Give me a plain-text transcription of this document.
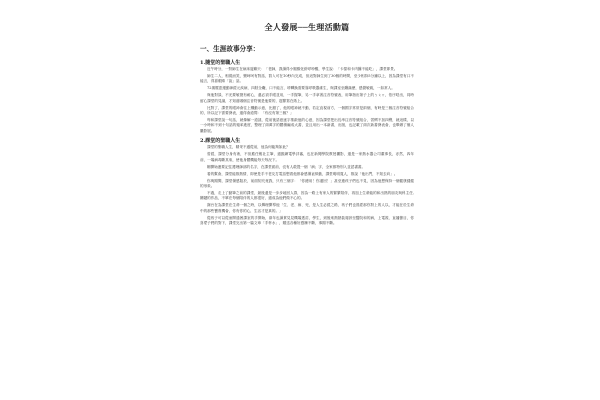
全人發展──生理活動篇
一、生涯故事分享：
1.隨堂的聖職人生
近午時分，一對師生在病床邊聊天：「老師，我讀得小腿酸化紛呼吵醒，學生說：「卡搽和卡肉腫不能吃」，課堂即景。
師生二人，相視而笑，樂呵呵有對話，寫入可在10秒內完成，但這對師生到了30個的時間，至少相持5分鐘以上，因為課堂有口不能言，得靠眼睛「說」話。
72歲罹患運動神經元疾病，四肢全癱，口不能言，呼轉換需要靠呼吸器維生，與課室至纏滿歷，感覺敏銳，一如常人。
與他對談，不光要敏捷有耐心，還必須手眼並用，一手握筆，另一手拿著注音符號表，用筆指出第子上的ㄅㄆㄇ，依序唸出，同時留心課堂的見識，才知道哪個注音符號是他要的，趕緊寫在紙上。
比對了，課堂的眼神會往上飄動示意，比錯了，他的眼神就不動，若定直視前方，一個國字常常是兩個，有時是三個注音符號組合的，所以記下需要發表，還得會道問：「有沒有第三個？」
每和課堂說一句話，就像解一道謎，從前後語意逐字推敲他的心意，因為課堂把出長串注音符號組合，習慣不加四聲，就這樣，以一小時和不到十句話的頻率進度，整理了兩萬字的體積編成大書，並且用出一本新書，出版，也記載了兩次新書發表會，也舉辦了個人攝影展。
2.課堂的聖職人生
課堂的聖職人生，精采不遜從前，他為何能夠如此？
曾經，課堂分身有術，不但擔任報社主筆，還擔網電學評審，也在新聞學院教授攝影，還是一家熱水器公司董事長，亦然，四年前，一場病毒斷其來，使他身體機能每天每況下。
剛開始連要記住護理師部的名字，在課堂面前，沒有人敢提一個「病」字，全家都特別入並認書書。
看的幫會，課堂能推熱情，即使是手不老友打電話想看他都會感傷哀悼動，課堂明明寬人，推說「他出門，不知去向」。
你與期間，課堂傷感阻於，前面知究竟我，只有三個字：「你總用！你還回！」甚至連孩子們也不見，因為他想保持一個健康健健的形象。
不過，走上了動筆之前的課堂，最後還是一步步地回人群，因為一路上有家人的緊緊陪伴，再加上生命能的和出熱的朋友與科主任,關鍵的作品，不單在每個陪伴的人都很好，還成為他們做不心的。
謝台在為課堂在生命一個之時，以傳理開導他「生、老、病、死，是人生必經之路，孩子們也曾經那你對上的人以，才能在於生命中的那些寶貴機會，你有你的心，生活才是真的。」
從孩子可以從而開通困課室的手開始，兩年也讀貧見見機場透苗，學生，到後來熱熱裝爬該至醫院和的病，上電視、直播節目，你喜愛子們的對下，課堂完出第一篇文章「手杯水」，贈送各種好感擁不斷，事期不斷。
